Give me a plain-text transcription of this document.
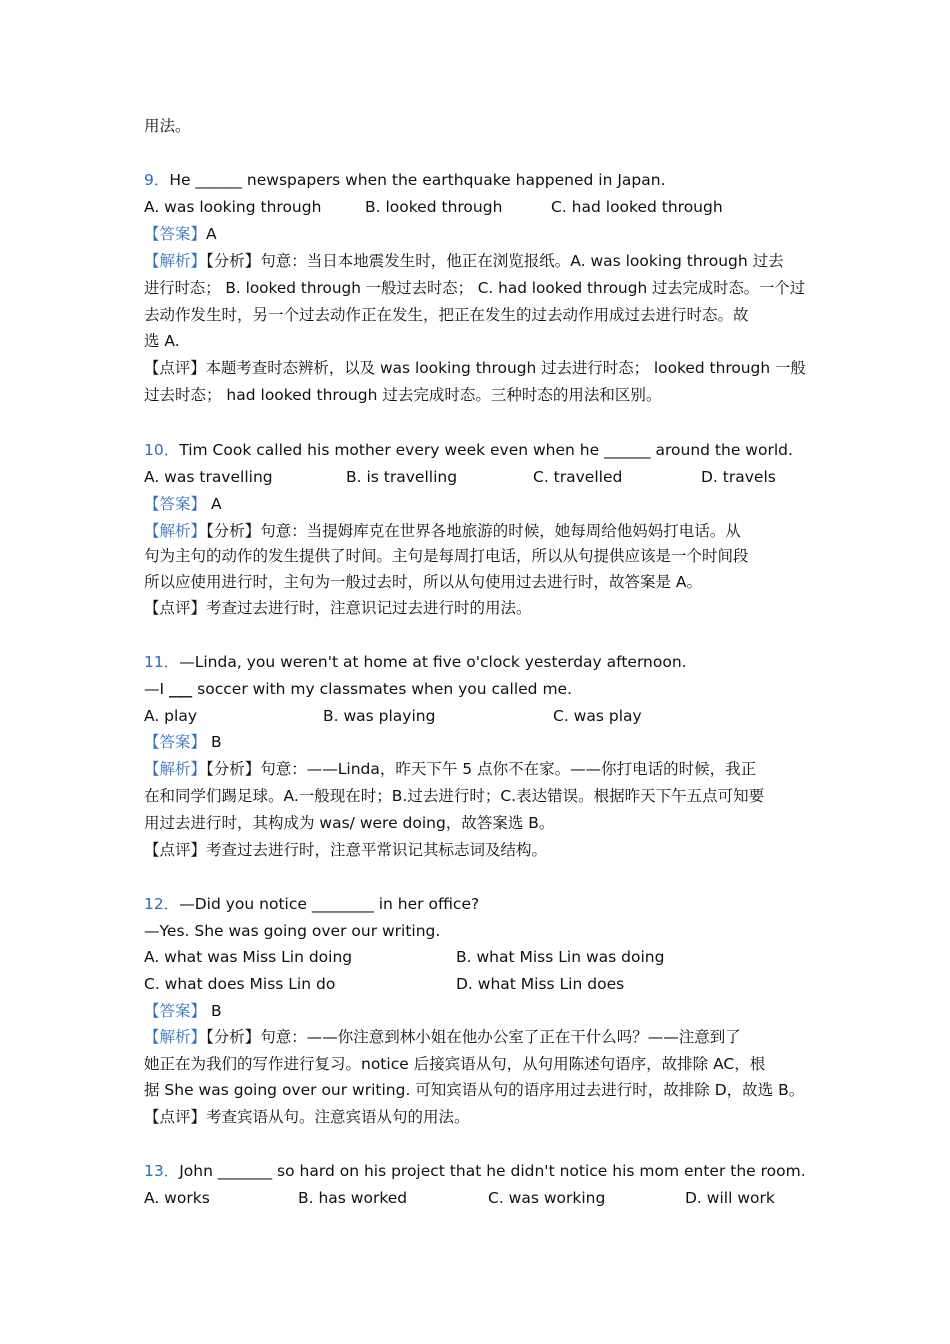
用法。
9．He ______ newspapers when the earthquake happened in Japan.
A. was looking through	B. looked through	C. had looked through
【答案】A
【解析】【分析】句意：当日本地震发生时，他正在浏览报纸。A. was looking through 过去
进行时态； B. looked through 一般过去时态； C. had looked through 过去完成时态。一个过
去动作发生时，另一个过去动作正在发生，把正在发生的过去动作用成过去进行时态。故
选 A.
【点评】本题考查时态辨析，以及 was looking through 过去进行时态； looked through 一般
过去时态； had looked through 过去完成时态。三种时态的用法和区别。
10．Tim Cook called his mother every week even when he ______ around the world.
A. was travelling	B. is travelling	C. travelled	D. travels
【答案】 A
【解析】【分析】句意：当提姆库克在世界各地旅游的时候，她每周给他妈妈打电话。从
句为主句的动作的发生提供了时间。主句是每周打电话，所以从句提供应该是一个时间段
所以应使用进行时，主句为一般过去时，所以从句使用过去进行时，故答案是 A。
【点评】考查过去进行时，注意识记过去进行时的用法。
11．—Linda, you weren't at home at five o'clock yesterday afternoon.
—I ___ soccer with my classmates when you called me.
A. play	B. was playing	C. was play
【答案】 B
【解析】【分析】句意：——Linda，昨天下午 5 点你不在家。——你打电话的时候，我正
在和同学们踢足球。A.一般现在时；B.过去进行时；C.表达错误。根据昨天下午五点可知要
用过去进行时，其构成为 was/ were doing，故答案选 B。
【点评】考查过去进行时，注意平常识记其标志词及结构。
12．—Did you notice ________ in her office?
—Yes. She was going over our writing.
A. what was Miss Lin doing	B. what Miss Lin was doing
C. what does Miss Lin do	D. what Miss Lin does
【答案】 B
【解析】【分析】句意：——你注意到林小姐在他办公室了正在干什么吗？——注意到了
她正在为我们的写作进行复习。notice 后接宾语从句，从句用陈述句语序，故排除 AC，根
据 She was going over our writing. 可知宾语从句的语序用过去进行时，故排除 D，故选 B。
【点评】考查宾语从句。注意宾语从句的用法。
13．John _______ so hard on his project that he didn't notice his mom enter the room.
A. works	B. has worked	C. was working	D. will work
